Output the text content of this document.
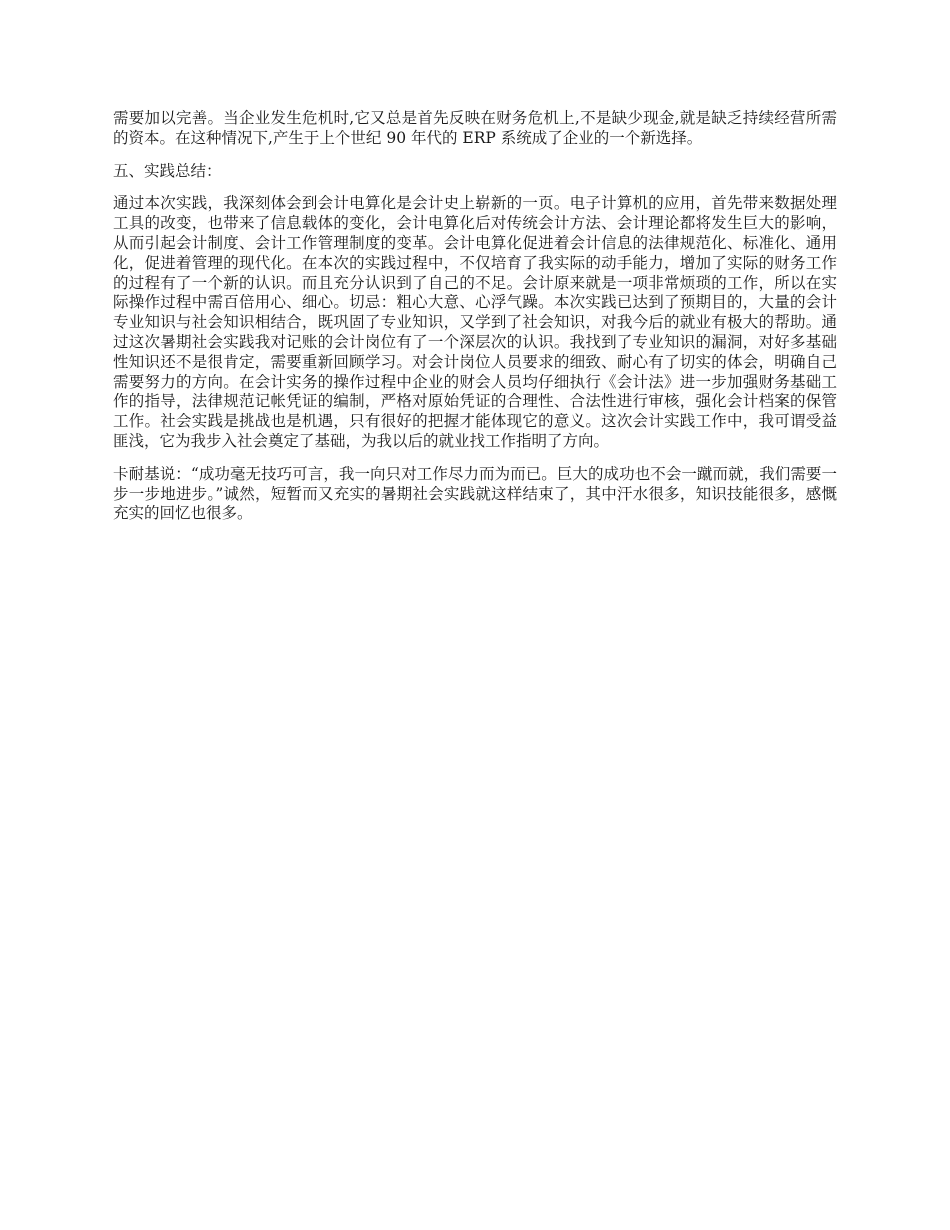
需要加以完善。当企业发生危机时,它又总是首先反映在财务危机上,不是缺少现金,就是缺乏持续经营所需的资本。在这种情况下,产生于上个世纪 90 年代的 ERP 系统成了企业的一个新选择。

五、实践总结：

通过本次实践，我深刻体会到会计电算化是会计史上崭新的一页。电子计算机的应用，首先带来数据处理工具的改变，也带来了信息载体的变化，会计电算化后对传统会计方法、会计理论都将发生巨大的影响，从而引起会计制度、会计工作管理制度的变革。会计电算化促进着会计信息的法律规范化、标准化、通用化，促进着管理的现代化。在本次的实践过程中，不仅培育了我实际的动手能力，增加了实际的财务工作的过程有了一个新的认识。而且充分认识到了自己的不足。会计原来就是一项非常烦琐的工作，所以在实际操作过程中需百倍用心、细心。切忌：粗心大意、心浮气躁。本次实践已达到了预期目的，大量的会计专业知识与社会知识相结合，既巩固了专业知识，又学到了社会知识，对我今后的就业有极大的帮助。通过这次暑期社会实践我对记账的会计岗位有了一个深层次的认识。我找到了专业知识的漏洞，对好多基础性知识还不是很肯定，需要重新回顾学习。对会计岗位人员要求的细致、耐心有了切实的体会，明确自己需要努力的方向。在会计实务的操作过程中企业的财会人员均仔细执行《会计法》进一步加强财务基础工作的指导，法律规范记帐凭证的编制，严格对原始凭证的合理性、合法性进行审核，强化会计档案的保管工作。社会实践是挑战也是机遇，只有很好的把握才能体现它的意义。这次会计实践工作中，我可谓受益匪浅，它为我步入社会奠定了基础，为我以后的就业找工作指明了方向。

卡耐基说：“成功毫无技巧可言，我一向只对工作尽力而为而已。巨大的成功也不会一蹴而就，我们需要一步一步地进步。”诚然，短暂而又充实的暑期社会实践就这样结束了，其中汗水很多，知识技能很多，感慨充实的回忆也很多。
